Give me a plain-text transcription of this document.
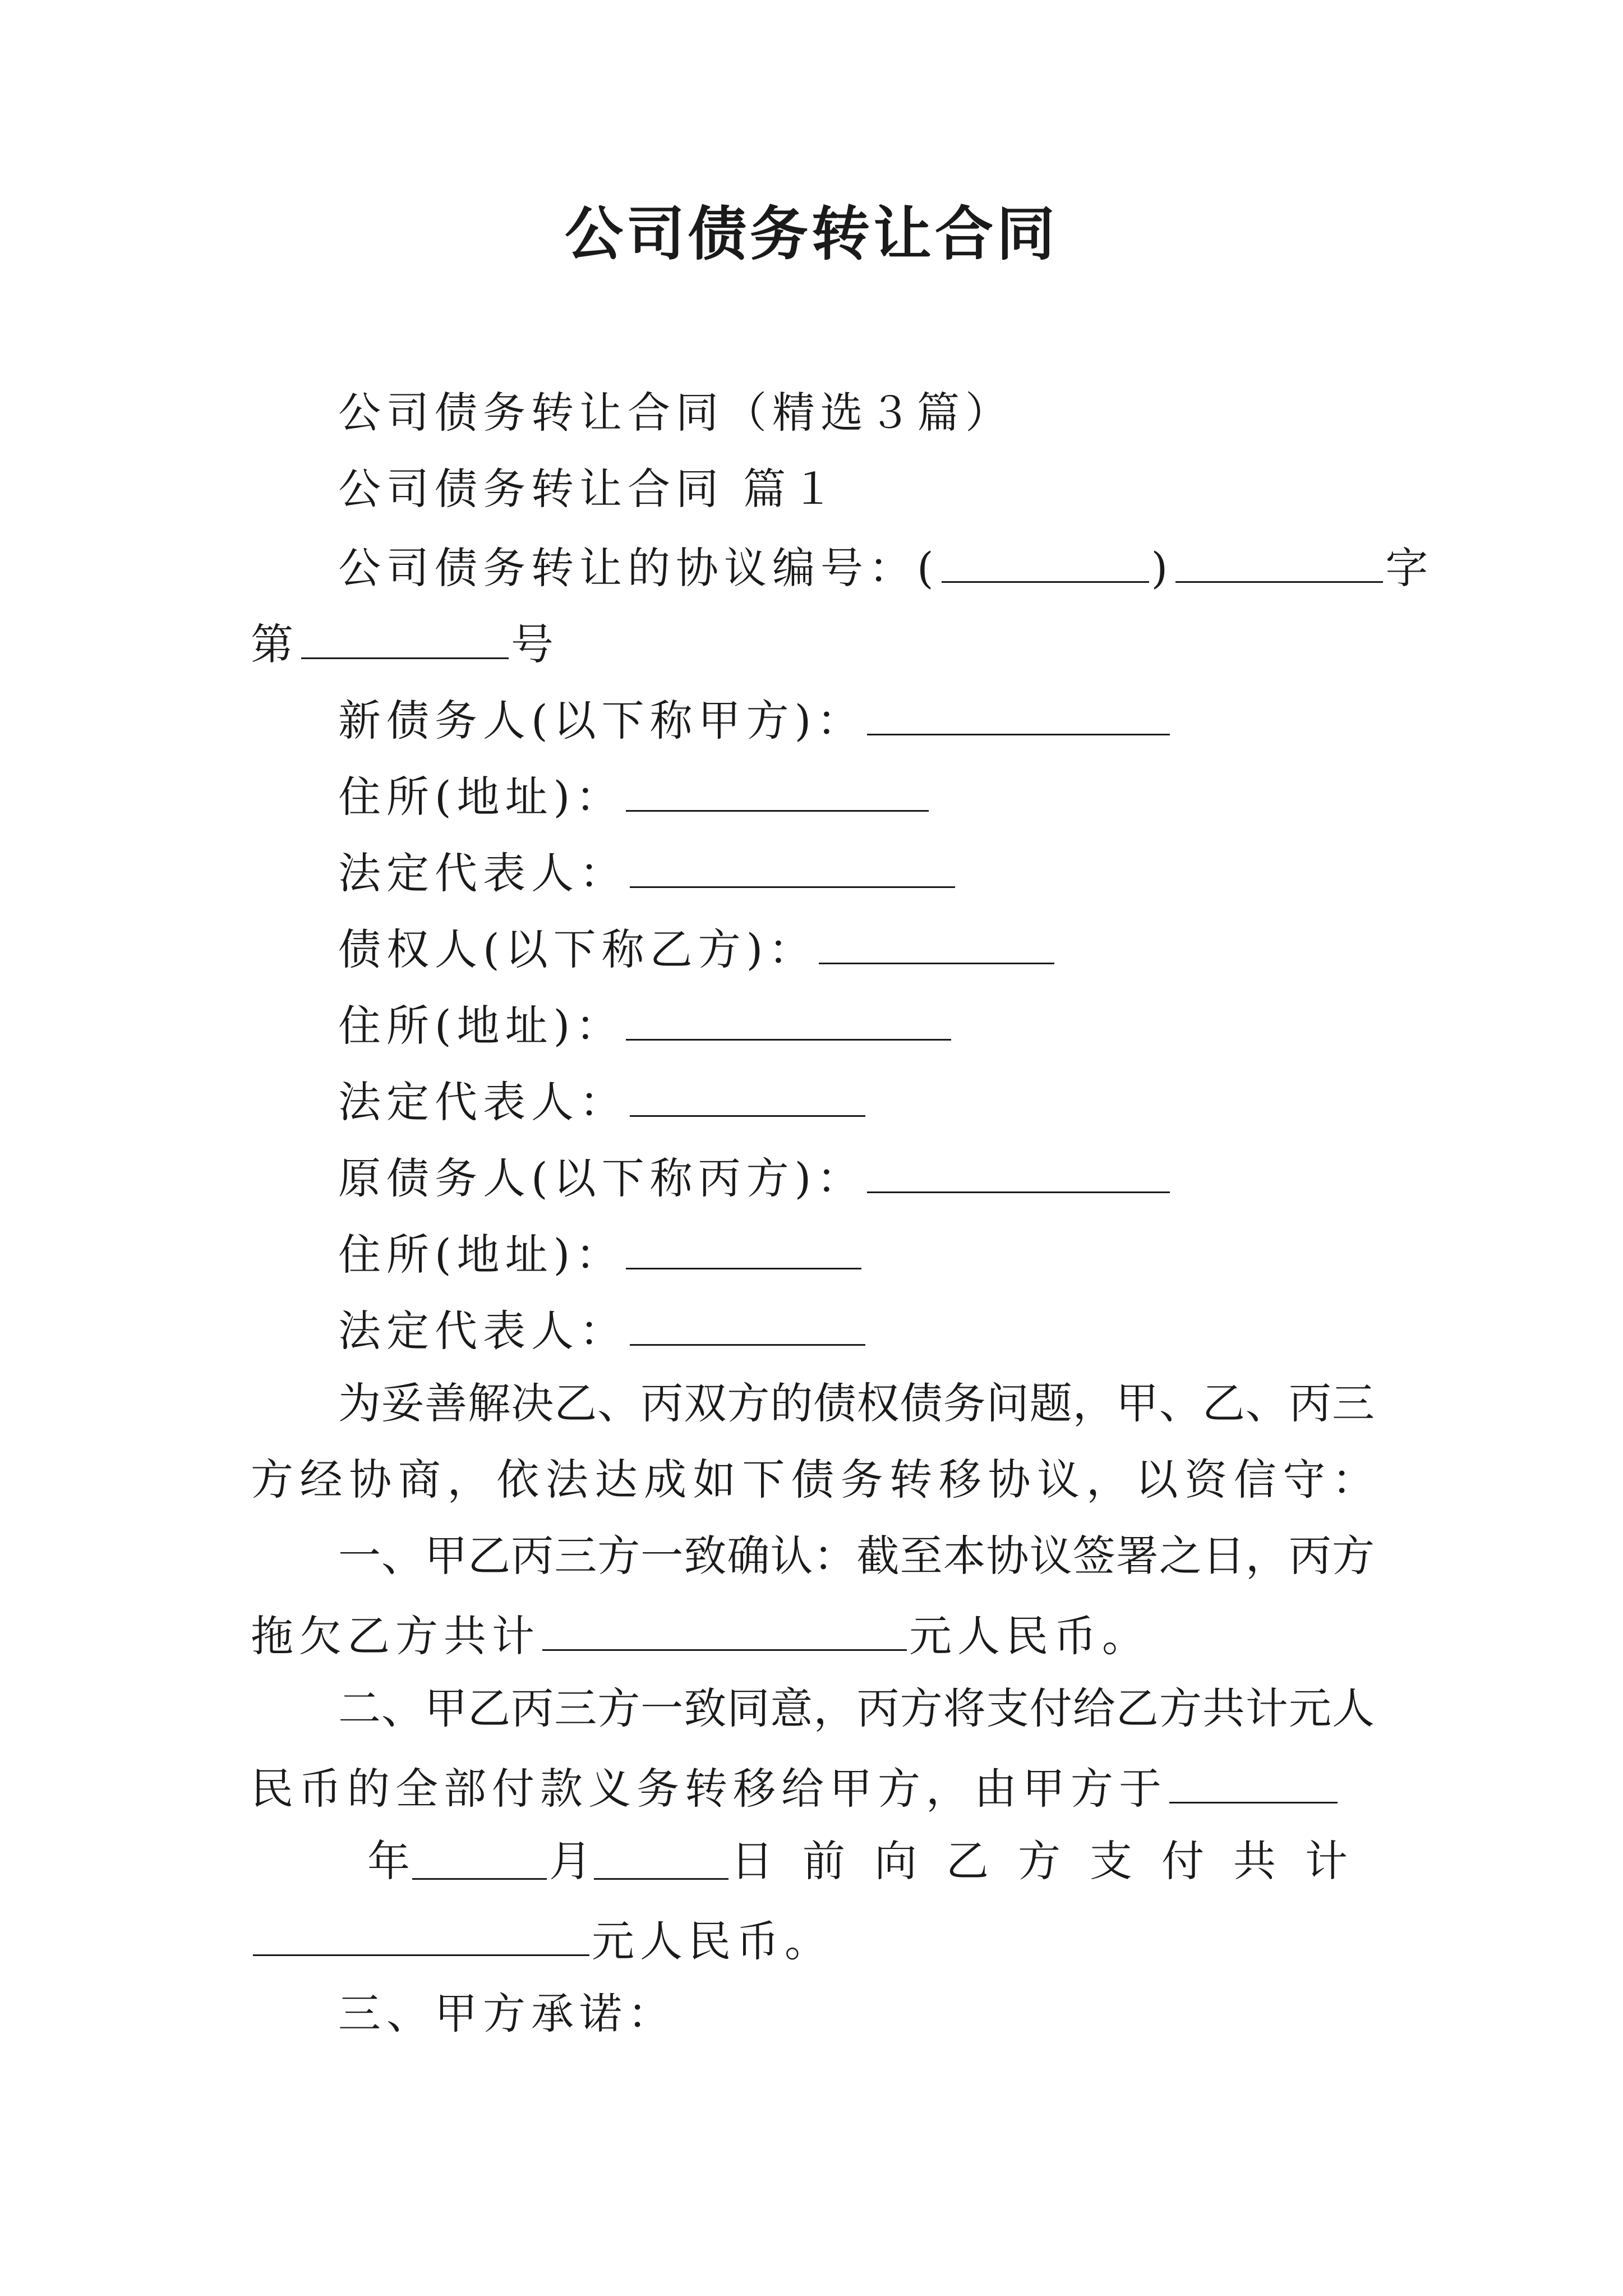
公司债务转让合同
公司债务转让合同（精选３篇）
公司债务转让合同 篇１
公司债务转让的协议编号：(	)	字
第	号
新债务人(以下称甲方)：
住所(地址)：
法定代表人：
债权人(以下称乙方)：
住所(地址)：
法定代表人：
原债务人(以下称丙方)：
住所(地址)：
法定代表人：
为妥善解决乙、丙双方的债权债务问题，甲、乙、丙三
方经协商，依法达成如下债务转移协议，以资信守：
一、甲乙丙三方一致确认：截至本协议签署之日，丙方
拖欠乙方共计	元人民币。
二、甲乙丙三方一致同意，丙方将支付给乙方共计元人
民币的全部付款义务转移给甲方，由甲方于
年	月	日前向乙方支付共计
元人民币。
三、甲方承诺：
